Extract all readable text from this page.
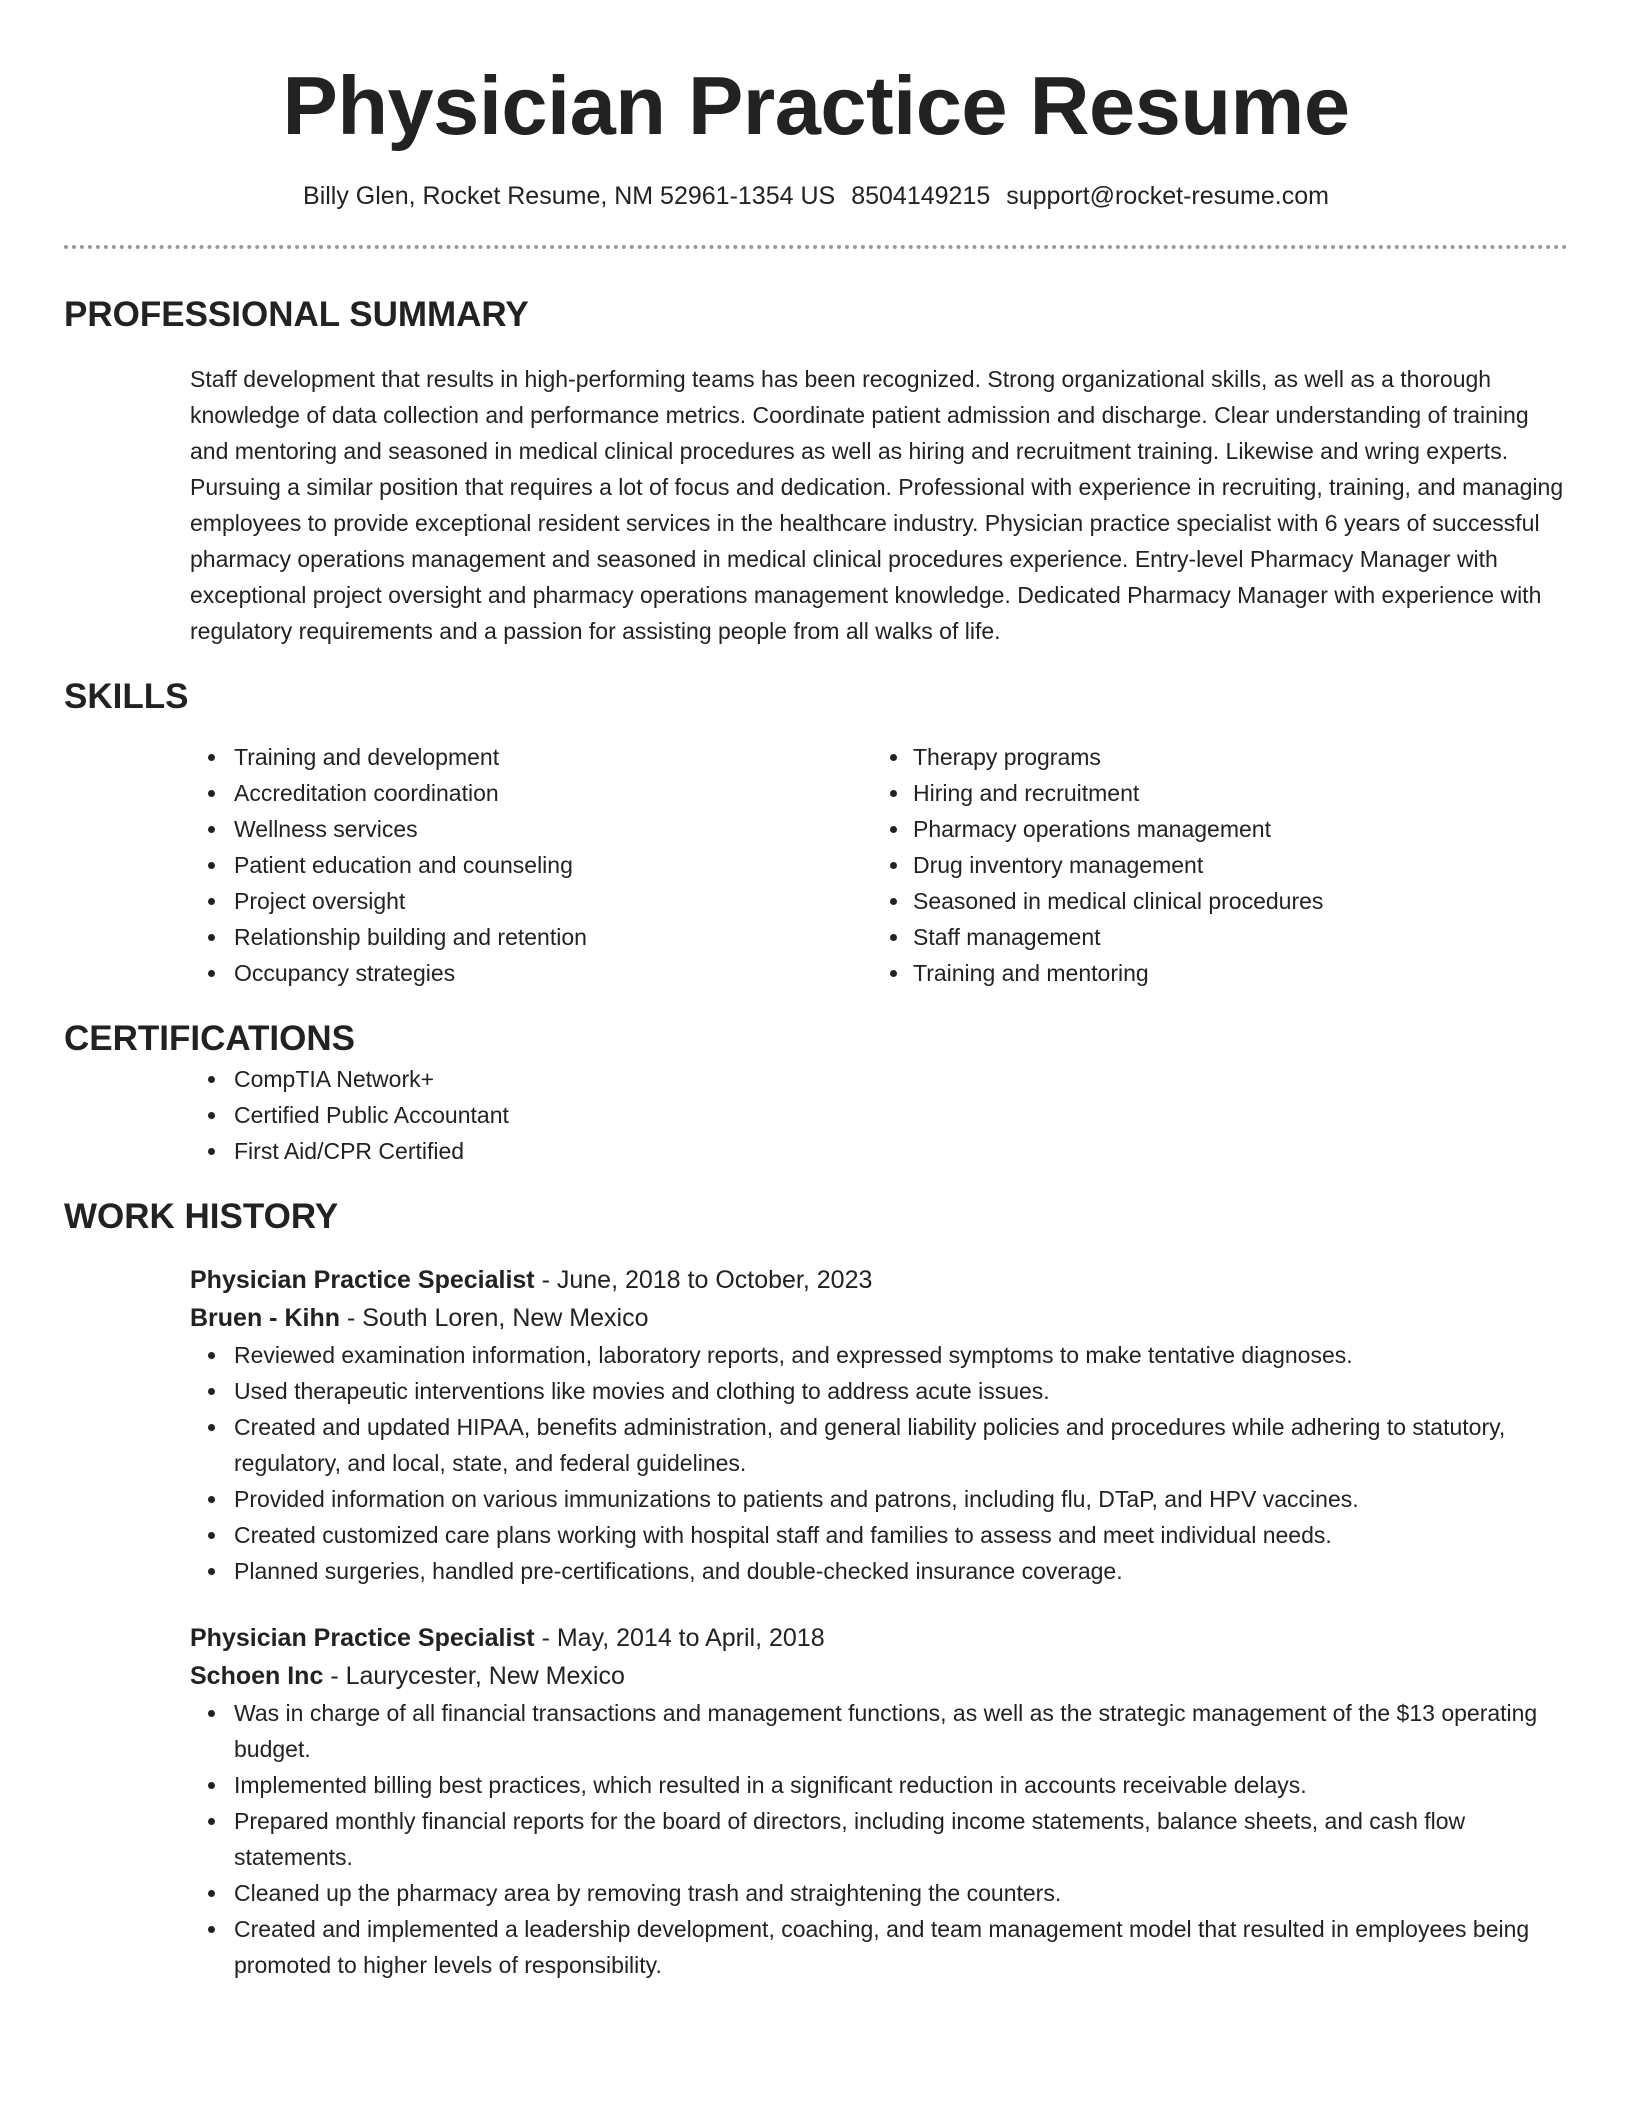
Physician Practice Resume
Billy Glen, Rocket Resume, NM 52961-1354 US 8504149215 support@rocket-resume.com
PROFESSIONAL SUMMARY

Staff development that results in high-performing teams has been recognized. Strong organizational skills, as well as a thorough knowledge of data collection and performance metrics. Coordinate patient admission and discharge. Clear understanding of training and mentoring and seasoned in medical clinical procedures as well as hiring and recruitment training. Likewise and wring experts. Pursuing a similar position that requires a lot of focus and dedication. Professional with experience in recruiting, training, and managing employees to provide exceptional resident services in the healthcare industry. Physician practice specialist with 6 years of successful pharmacy operations management and seasoned in medical clinical procedures experience. Entry-level Pharmacy Manager with exceptional project oversight and pharmacy operations management knowledge. Dedicated Pharmacy Manager with experience with regulatory requirements and a passion for assisting people from all walks of life.

SKILLS
Training and development
Accreditation coordination
Wellness services
Patient education and counseling
Project oversight
Relationship building and retention
Occupancy strategies
Therapy programs
Hiring and recruitment
Pharmacy operations management
Drug inventory management
Seasoned in medical clinical procedures
Staff management
Training and mentoring
CERTIFICATIONS
CompTIA Network+
Certified Public Accountant
First Aid/CPR Certified
WORK HISTORY
Physician Practice Specialist - June, 2018 to October, 2023
Bruen - Kihn - South Loren, New Mexico
Reviewed examination information, laboratory reports, and expressed symptoms to make tentative diagnoses.
Used therapeutic interventions like movies and clothing to address acute issues.
Created and updated HIPAA, benefits administration, and general liability policies and procedures while adhering to statutory, regulatory, and local, state, and federal guidelines.
Provided information on various immunizations to patients and patrons, including flu, DTaP, and HPV vaccines.
Created customized care plans working with hospital staff and families to assess and meet individual needs.
Planned surgeries, handled pre-certifications, and double-checked insurance coverage.
Physician Practice Specialist - May, 2014 to April, 2018
Schoen Inc - Laurycester, New Mexico
Was in charge of all financial transactions and management functions, as well as the strategic management of the $13 operating budget.
Implemented billing best practices, which resulted in a significant reduction in accounts receivable delays.
Prepared monthly financial reports for the board of directors, including income statements, balance sheets, and cash flow statements.
Cleaned up the pharmacy area by removing trash and straightening the counters.
Created and implemented a leadership development, coaching, and team management model that resulted in employees being promoted to higher levels of responsibility.
